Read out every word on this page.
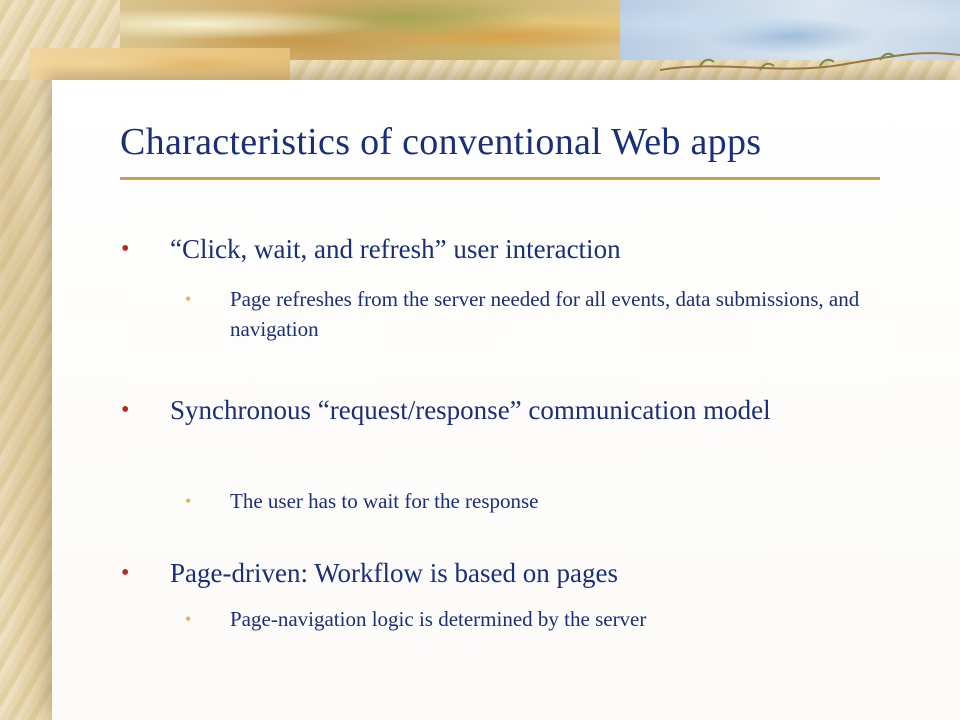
Characteristics of conventional Web apps
• “Click, wait, and refresh” user interaction
• Page refreshes from the server needed for all events, data submissions, and navigation
• Synchronous “request/response” communication model
• The user has to wait for the response
• Page-driven: Workflow is based on pages
• Page-navigation logic is determined by the server
